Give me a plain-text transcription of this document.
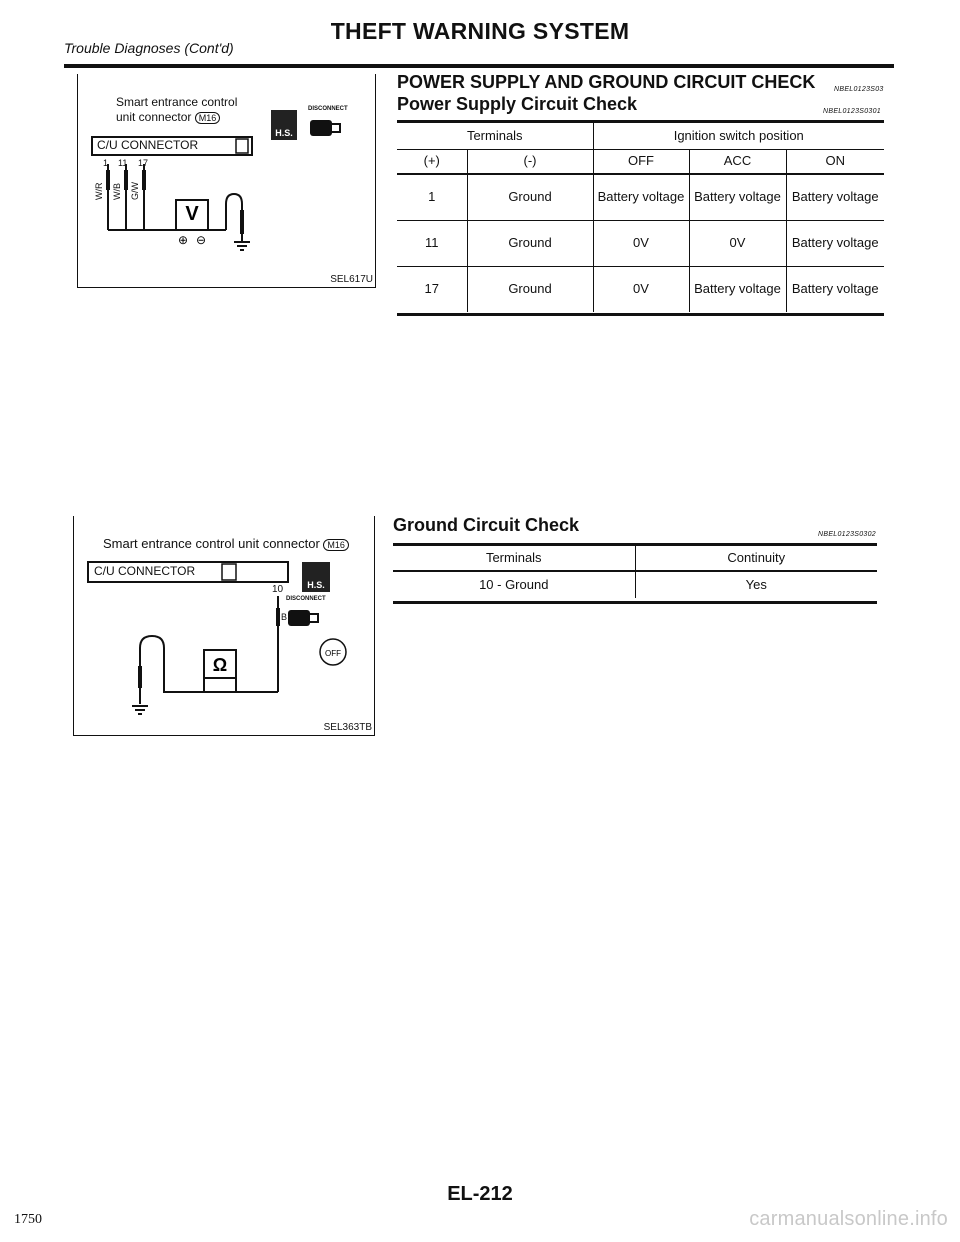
THEFT WARNING SYSTEM
Trouble Diagnoses (Cont'd)
V
⊕ ⊖
H.S.
Smart entrance control
unit connector M16
C/U CONNECTOR
DISCONNECT
1 11 17
W/R W/B G/W
SEL617U
POWER SUPPLY AND GROUND CIRCUIT CHECK	NBEL0123S03
Power Supply Circuit Check	NBEL0123S0301
Terminals		Ignition switch position		
(+)	(-)	OFF	ACC	ON
1	Ground	Battery voltage	Battery voltage	Battery voltage
11	Ground	0V	0V	Battery voltage
17	Ground	0V	Battery voltage	Battery voltage
Ω
H.S.
OFF
Smart entrance control unit connector M16
C/U CONNECTOR
10
DISCONNECT
B
SEL363TB
Ground Circuit Check	NBEL0123S0302
Terminals	Continuity
10 - Ground	Yes
EL-212
1750	carmanualsonline.info
